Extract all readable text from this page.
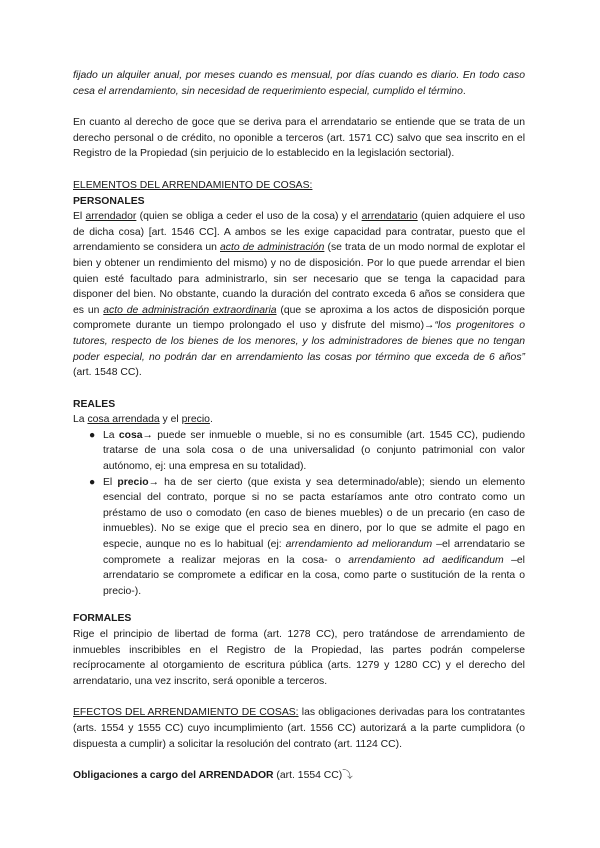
fijado un alquiler anual, por meses cuando es mensual, por días cuando es diario. En todo caso cesa el arrendamiento, sin necesidad de requerimiento especial, cumplido el término.

En cuanto al derecho de goce que se deriva para el arrendatario se entiende que se trata de un derecho personal o de crédito, no oponible a terceros (art. 1571 CC) salvo que sea inscrito en el Registro de la Propiedad (sin perjuicio de lo establecido en la legislación sectorial).

ELEMENTOS DEL ARRENDAMIENTO DE COSAS:

PERSONALES

El arrendador (quien se obliga a ceder el uso de la cosa) y el arrendatario (quien adquiere el uso de dicha cosa) [art. 1546 CC]. A ambos se les exige capacidad para contratar, puesto que el arrendamiento se considera un acto de administración (se trata de un modo normal de explotar el bien y obtener un rendimiento del mismo) y no de disposición. Por lo que puede arrendar el bien quien esté facultado para administrarlo, sin ser necesario que se tenga la capacidad para disponer del bien. No obstante, cuando la duración del contrato exceda 6 años se considera que es un acto de administración extraordinaria (que se aproxima a los actos de disposición porque compromete durante un tiempo prolongado el uso y disfrute del mismo)→“los progenitores o tutores, respecto de los bienes de los menores, y los administradores de bienes que no tengan poder especial, no podrán dar en arrendamiento las cosas por término que exceda de 6 años” (art. 1548 CC).

REALES

La cosa arrendada y el precio.

● La cosa→ puede ser inmueble o mueble, si no es consumible (art. 1545 CC), pudiendo tratarse de una sola cosa o de una universalidad (o conjunto patrimonial con valor autónomo, ej: una empresa en su totalidad).
● El precio→ ha de ser cierto (que exista y sea determinado/able); siendo un elemento esencial del contrato, porque si no se pacta estaríamos ante otro contrato como un préstamo de uso o comodato (en caso de bienes muebles) o de un precario (en caso de inmuebles). No se exige que el precio sea en dinero, por lo que se admite el pago en especie, aunque no es lo habitual (ej: arrendamiento ad meliorandum –el arrendatario se compromete a realizar mejoras en la cosa- o arrendamiento ad aedificandum –el arrendatario se compromete a edificar en la cosa, como parte o sustitución de la renta o precio-).

FORMALES

Rige el principio de libertad de forma (art. 1278 CC), pero tratándose de arrendamiento de inmuebles inscribibles en el Registro de la Propiedad, las partes podrán compelerse recíprocamente al otorgamiento de escritura pública (arts. 1279 y 1280 CC) y el derecho del arrendatario, una vez inscrito, será oponible a terceros.

EFECTOS DEL ARRENDAMIENTO DE COSAS: las obligaciones derivadas para los contratantes (arts. 1554 y 1555 CC) cuyo incumplimiento (art. 1556 CC) autorizará a la parte cumplidora (o dispuesta a cumplir) a solicitar la resolución del contrato (art. 1124 CC).

Obligaciones a cargo del ARRENDADOR (art. 1554 CC)⤵
